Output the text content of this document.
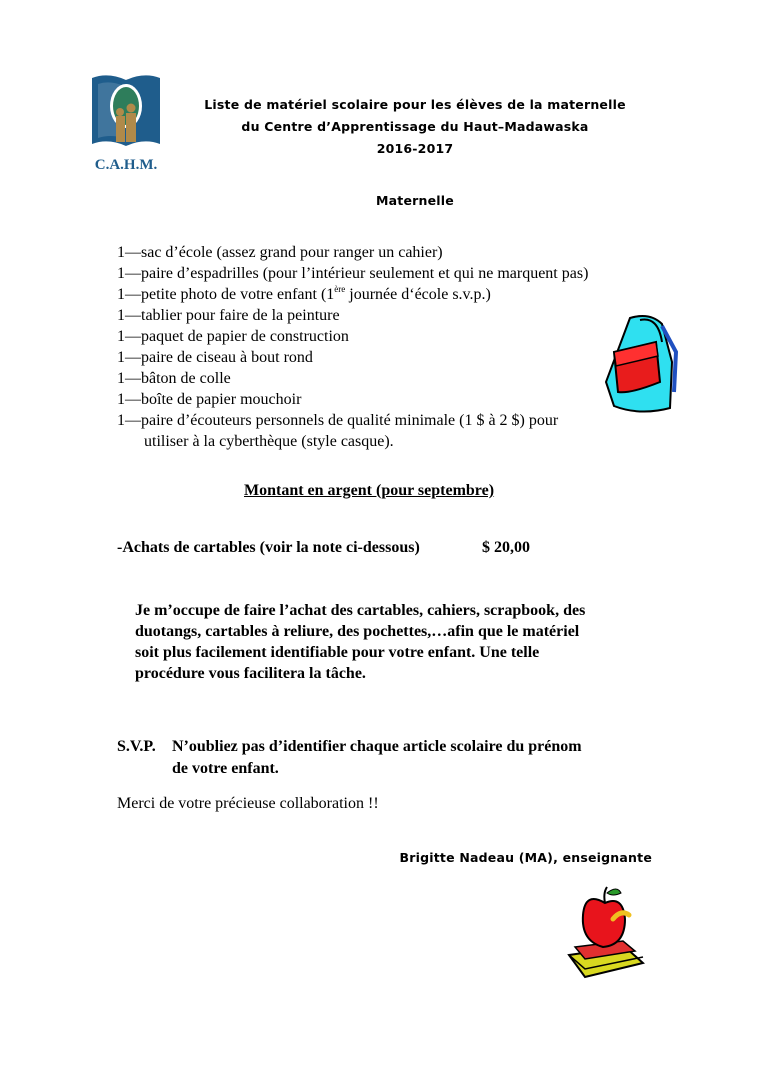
C.A.H.M.
Liste de matériel scolaire pour les élèves de la maternelle
du Centre d’Apprentissage du Haut–Madawaska
2016-2017
Maternelle
1—sac d’école (assez grand pour ranger un cahier)
1—paire d’espadrilles (pour l’intérieur seulement et qui ne marquent pas)
1—petite photo de votre enfant (1ère journée d‘école s.v.p.)
1—tablier pour faire de la peinture
1—paquet de papier de construction
1—paire de ciseau à bout rond
1—bâton de colle
1—boîte de papier mouchoir
1—paire d’écouteurs personnels de qualité minimale (1 $ à 2 $) pour
utiliser à la cyberthèque (style casque).
Montant en argent (pour septembre)
-Achats de cartables (voir la note ci-dessous)	$ 20,00
Je m’occupe de faire l’achat des cartables, cahiers, scrapbook, des
duotangs, cartables à reliure, des pochettes,…afin que le matériel
soit plus facilement identifiable pour votre enfant. Une telle
procédure vous facilitera la tâche.
S.V.P. N’oubliez pas d’identifier chaque article scolaire du prénom
de votre enfant.
Merci de votre précieuse collaboration !!
Brigitte Nadeau (MA), enseignante
